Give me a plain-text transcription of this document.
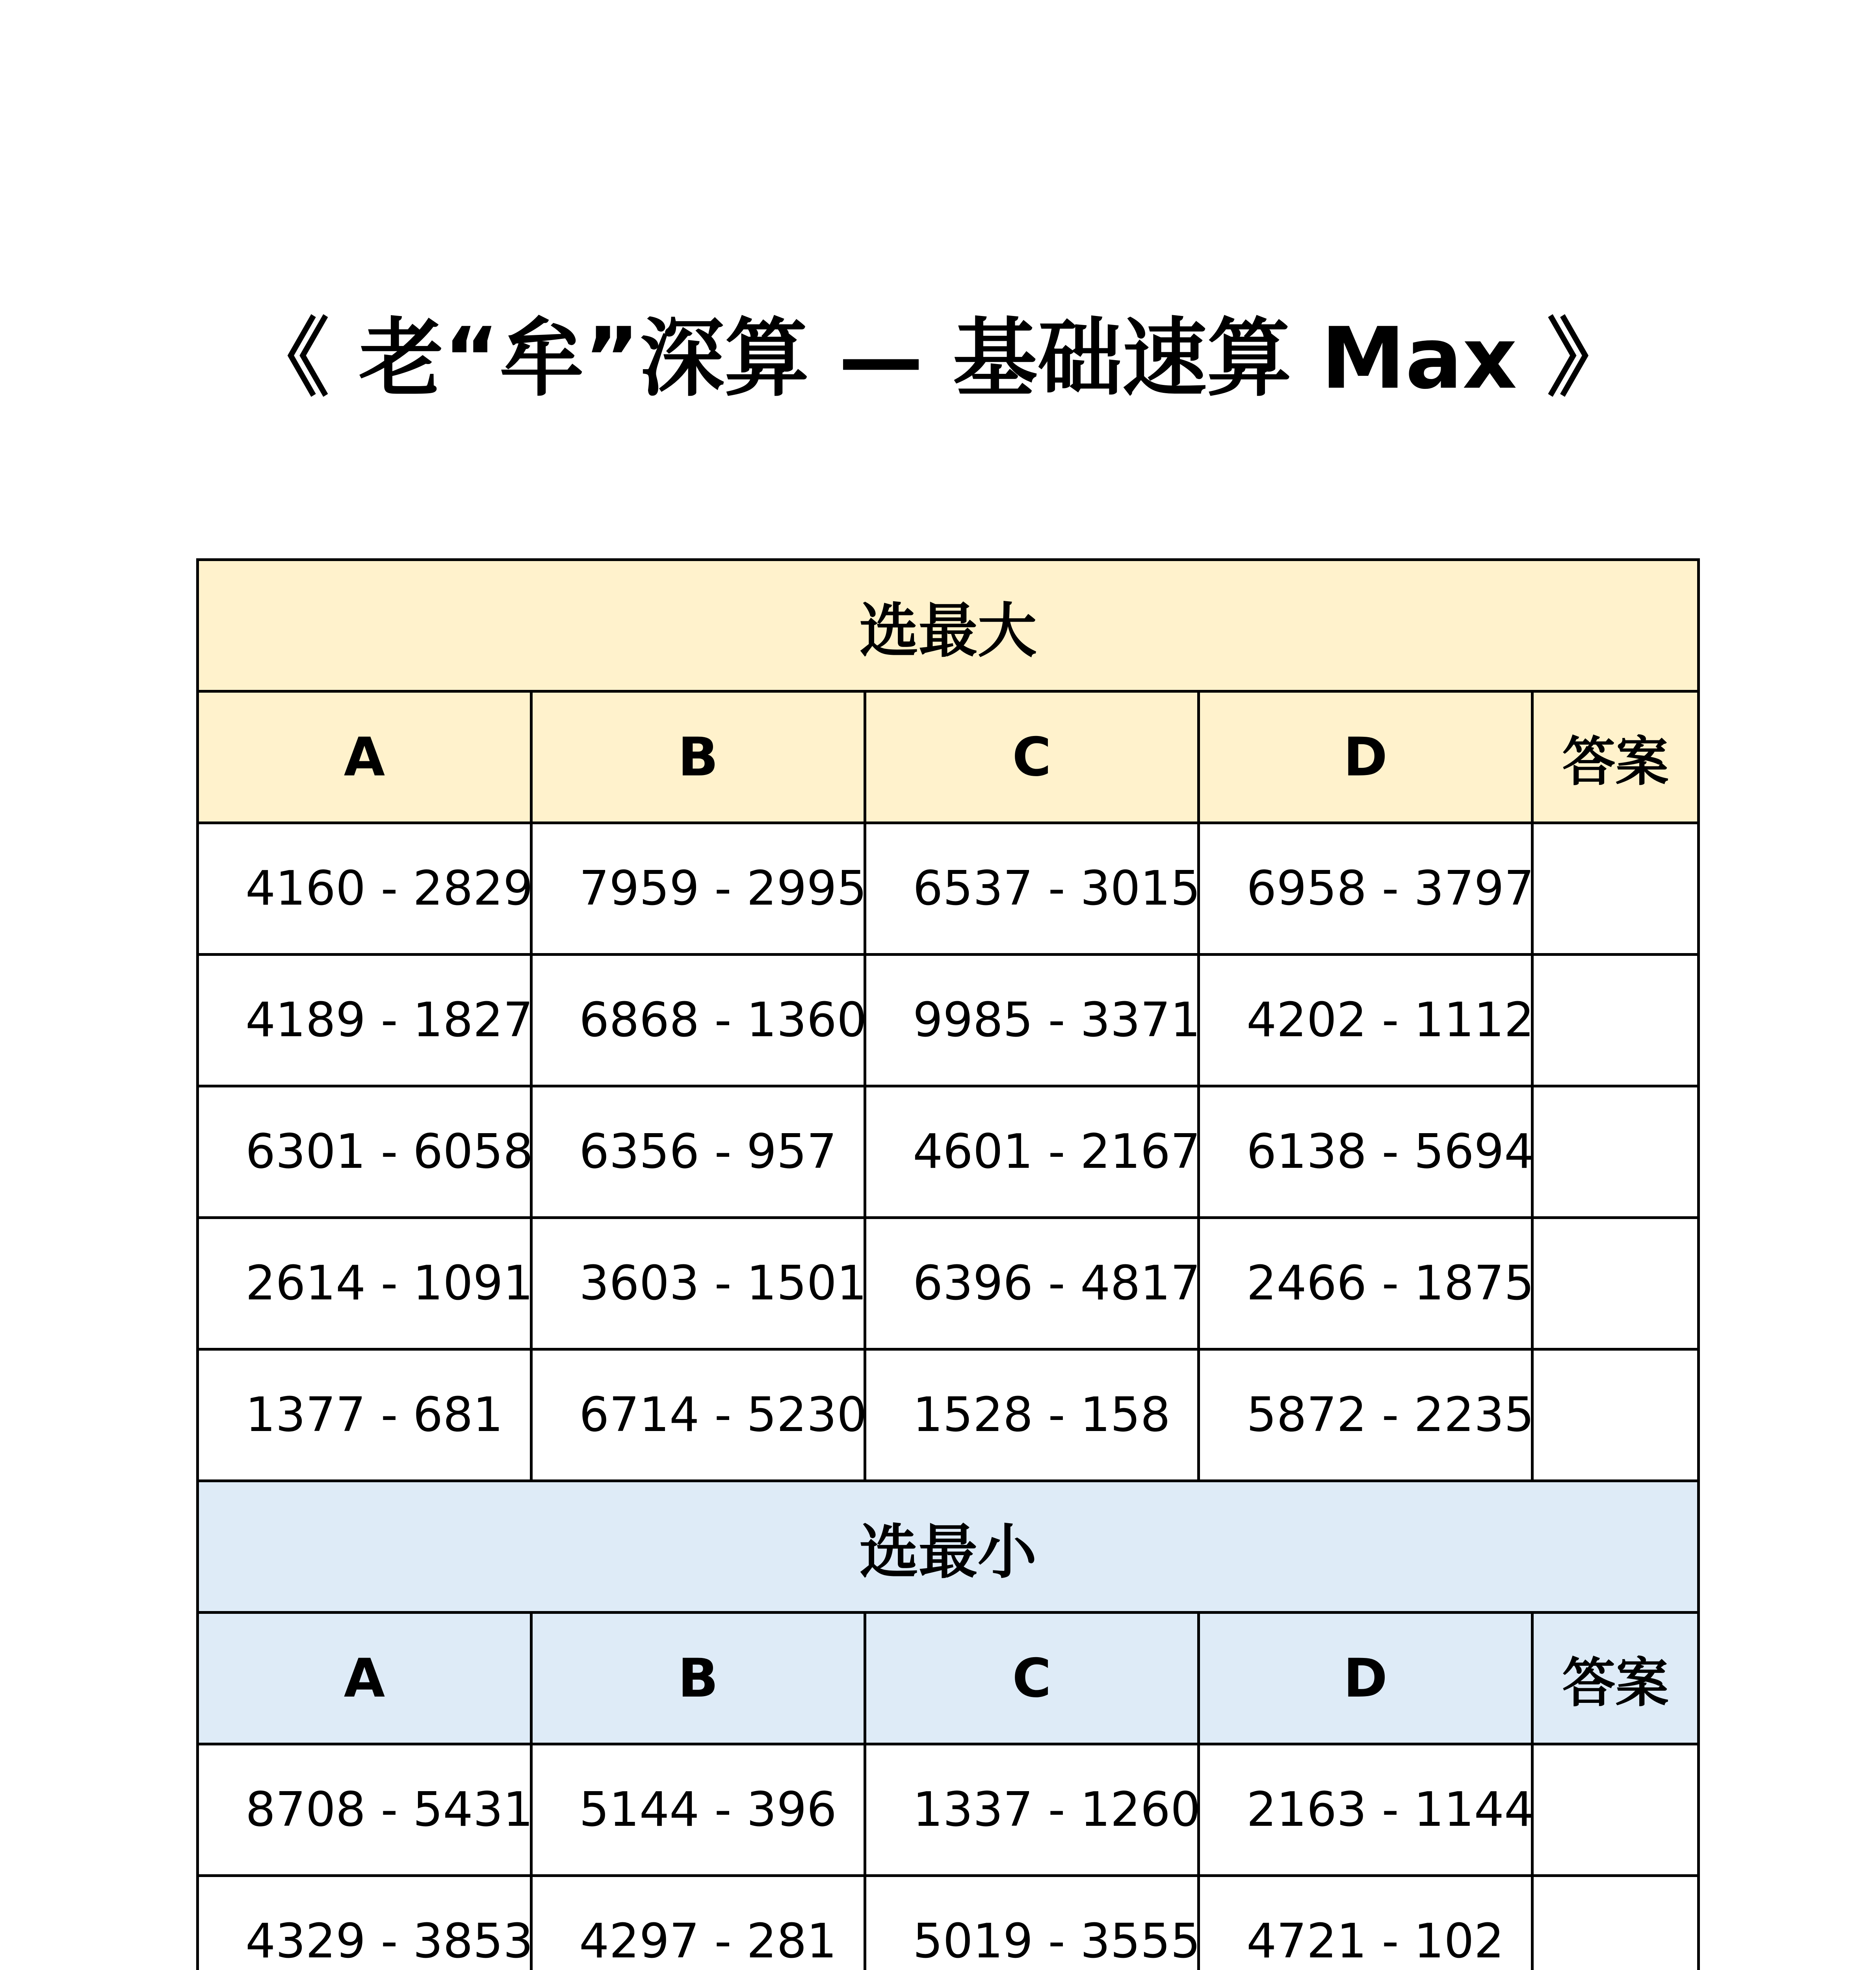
《 老“牟”深算 — 基础速算 Max 》
选最大				
A	B	C	D	答案
4160 - 2829	7959 - 2995	6537 - 3015	6958 - 3797	
4189 - 1827	6868 - 1360	9985 - 3371	4202 - 1112	
6301 - 6058	6356 - 957	4601 - 2167	6138 - 5694	
2614 - 1091	3603 - 1501	6396 - 4817	2466 - 1875	
1377 - 681	6714 - 5230	1528 - 158	5872 - 2235	
选最小				
A	B	C	D	答案
8708 - 5431	5144 - 396	1337 - 1260	2163 - 1144	
4329 - 3853	4297 - 281	5019 - 3555	4721 - 102	
